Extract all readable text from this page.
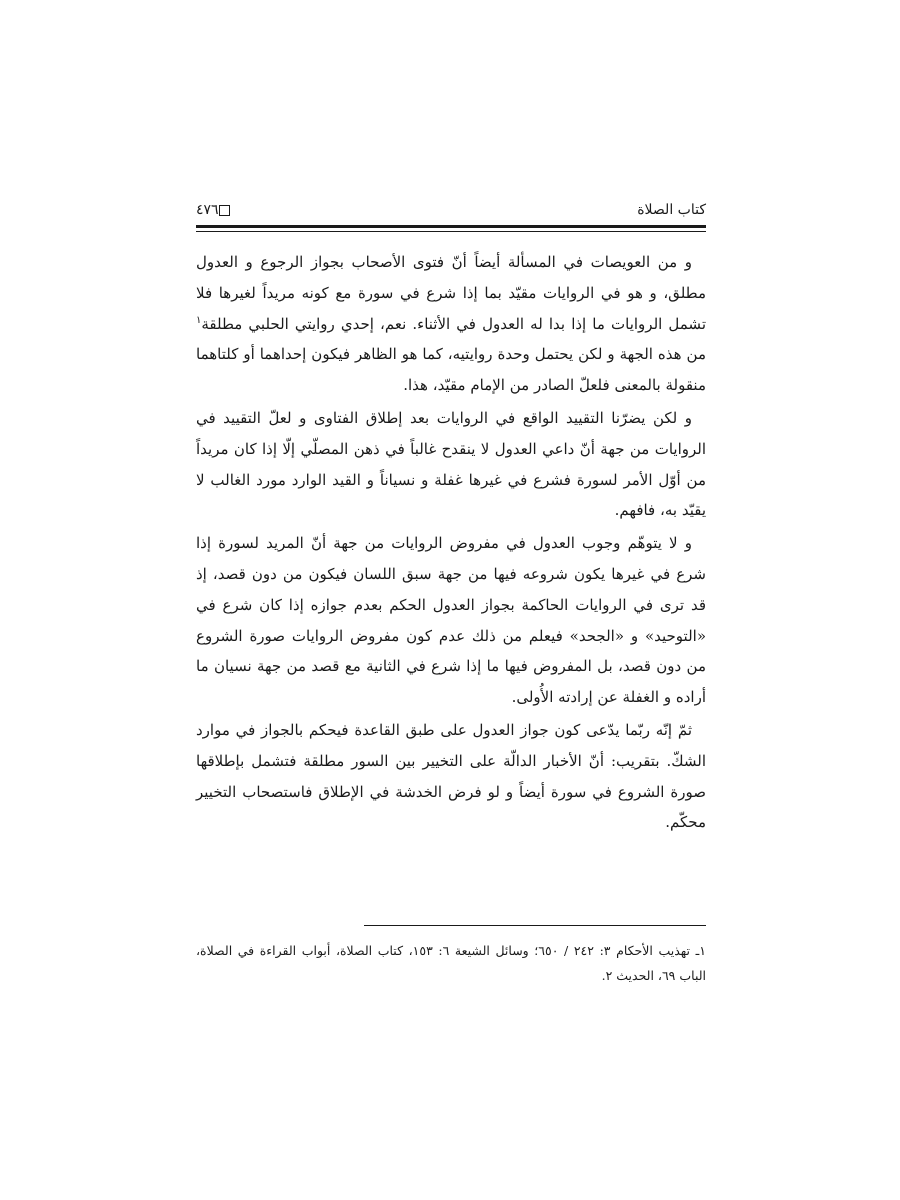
كتاب الصلاة
٤٧٦

و من العويصات في المسألة أيضاً أنّ فتوى الأصحاب بجواز الرجوع و العدول مطلق، و هو في الروايات مقيّد بما إذا شرع في سورة مع كونه مريداً لغيرها فلا تشمل الروايات ما إذا بدا له العدول في الأثناء. نعم، إحدي روايتي الحلبي مطلقة$^١$ من هذه الجهة و لكن يحتمل وحدة روايتيه، كما هو الظاهر فيكون إحداهما أو كلتاهما منقولة بالمعنى فلعلّ الصادر من الإمام مقيّد، هذا.

و لكن يضرّنا التقييد الواقع في الروايات بعد إطلاق الفتاوى و لعلّ التقييد في الروايات من جهة أنّ داعي العدول لا ينقدح غالباً في ذهن المصلّي إلّا إذا كان مريداً من أوّل الأمر لسورة فشرع في غيرها غفلة و نسياناً و القيد الوارد مورد الغالب لا يقيّد به، فافهم.

و لا يتوهّم وجوب العدول في مفروض الروايات من جهة أنّ المريد لسورة إذا شرع في غيرها يكون شروعه فيها من جهة سبق اللسان فيكون من دون قصد، إذ قد ترى في الروايات الحاكمة بجواز العدول الحكم بعدم جوازه إذا كان شرع في «التوحيد» و «الجحد» فيعلم من ذلك عدم كون مفروض الروايات صورة الشروع من دون قصد، بل المفروض فيها ما إذا شرع في الثانية مع قصد من جهة نسيان ما أراده و الغفلة عن إرادته الأُولى.

ثمّ إنّه ربّما يدّعى كون جواز العدول على طبق القاعدة فيحكم بالجواز في موارد الشكّ. بتقريب: أنّ الأخبار الدالّة على التخيير بين السور مطلقة فتشمل بإطلاقها صورة الشروع في سورة أيضاً و لو فرض الخدشة في الإطلاق فاستصحاب التخيير محكّم.

١ـ تهذيب الأحكام ٣: ٢٤٢ / ٦٥٠؛ وسائل الشيعة ٦: ١٥٣، كتاب الصلاة، أبواب القراءة في الصلاة، الباب ٦٩، الحديث ٢.
